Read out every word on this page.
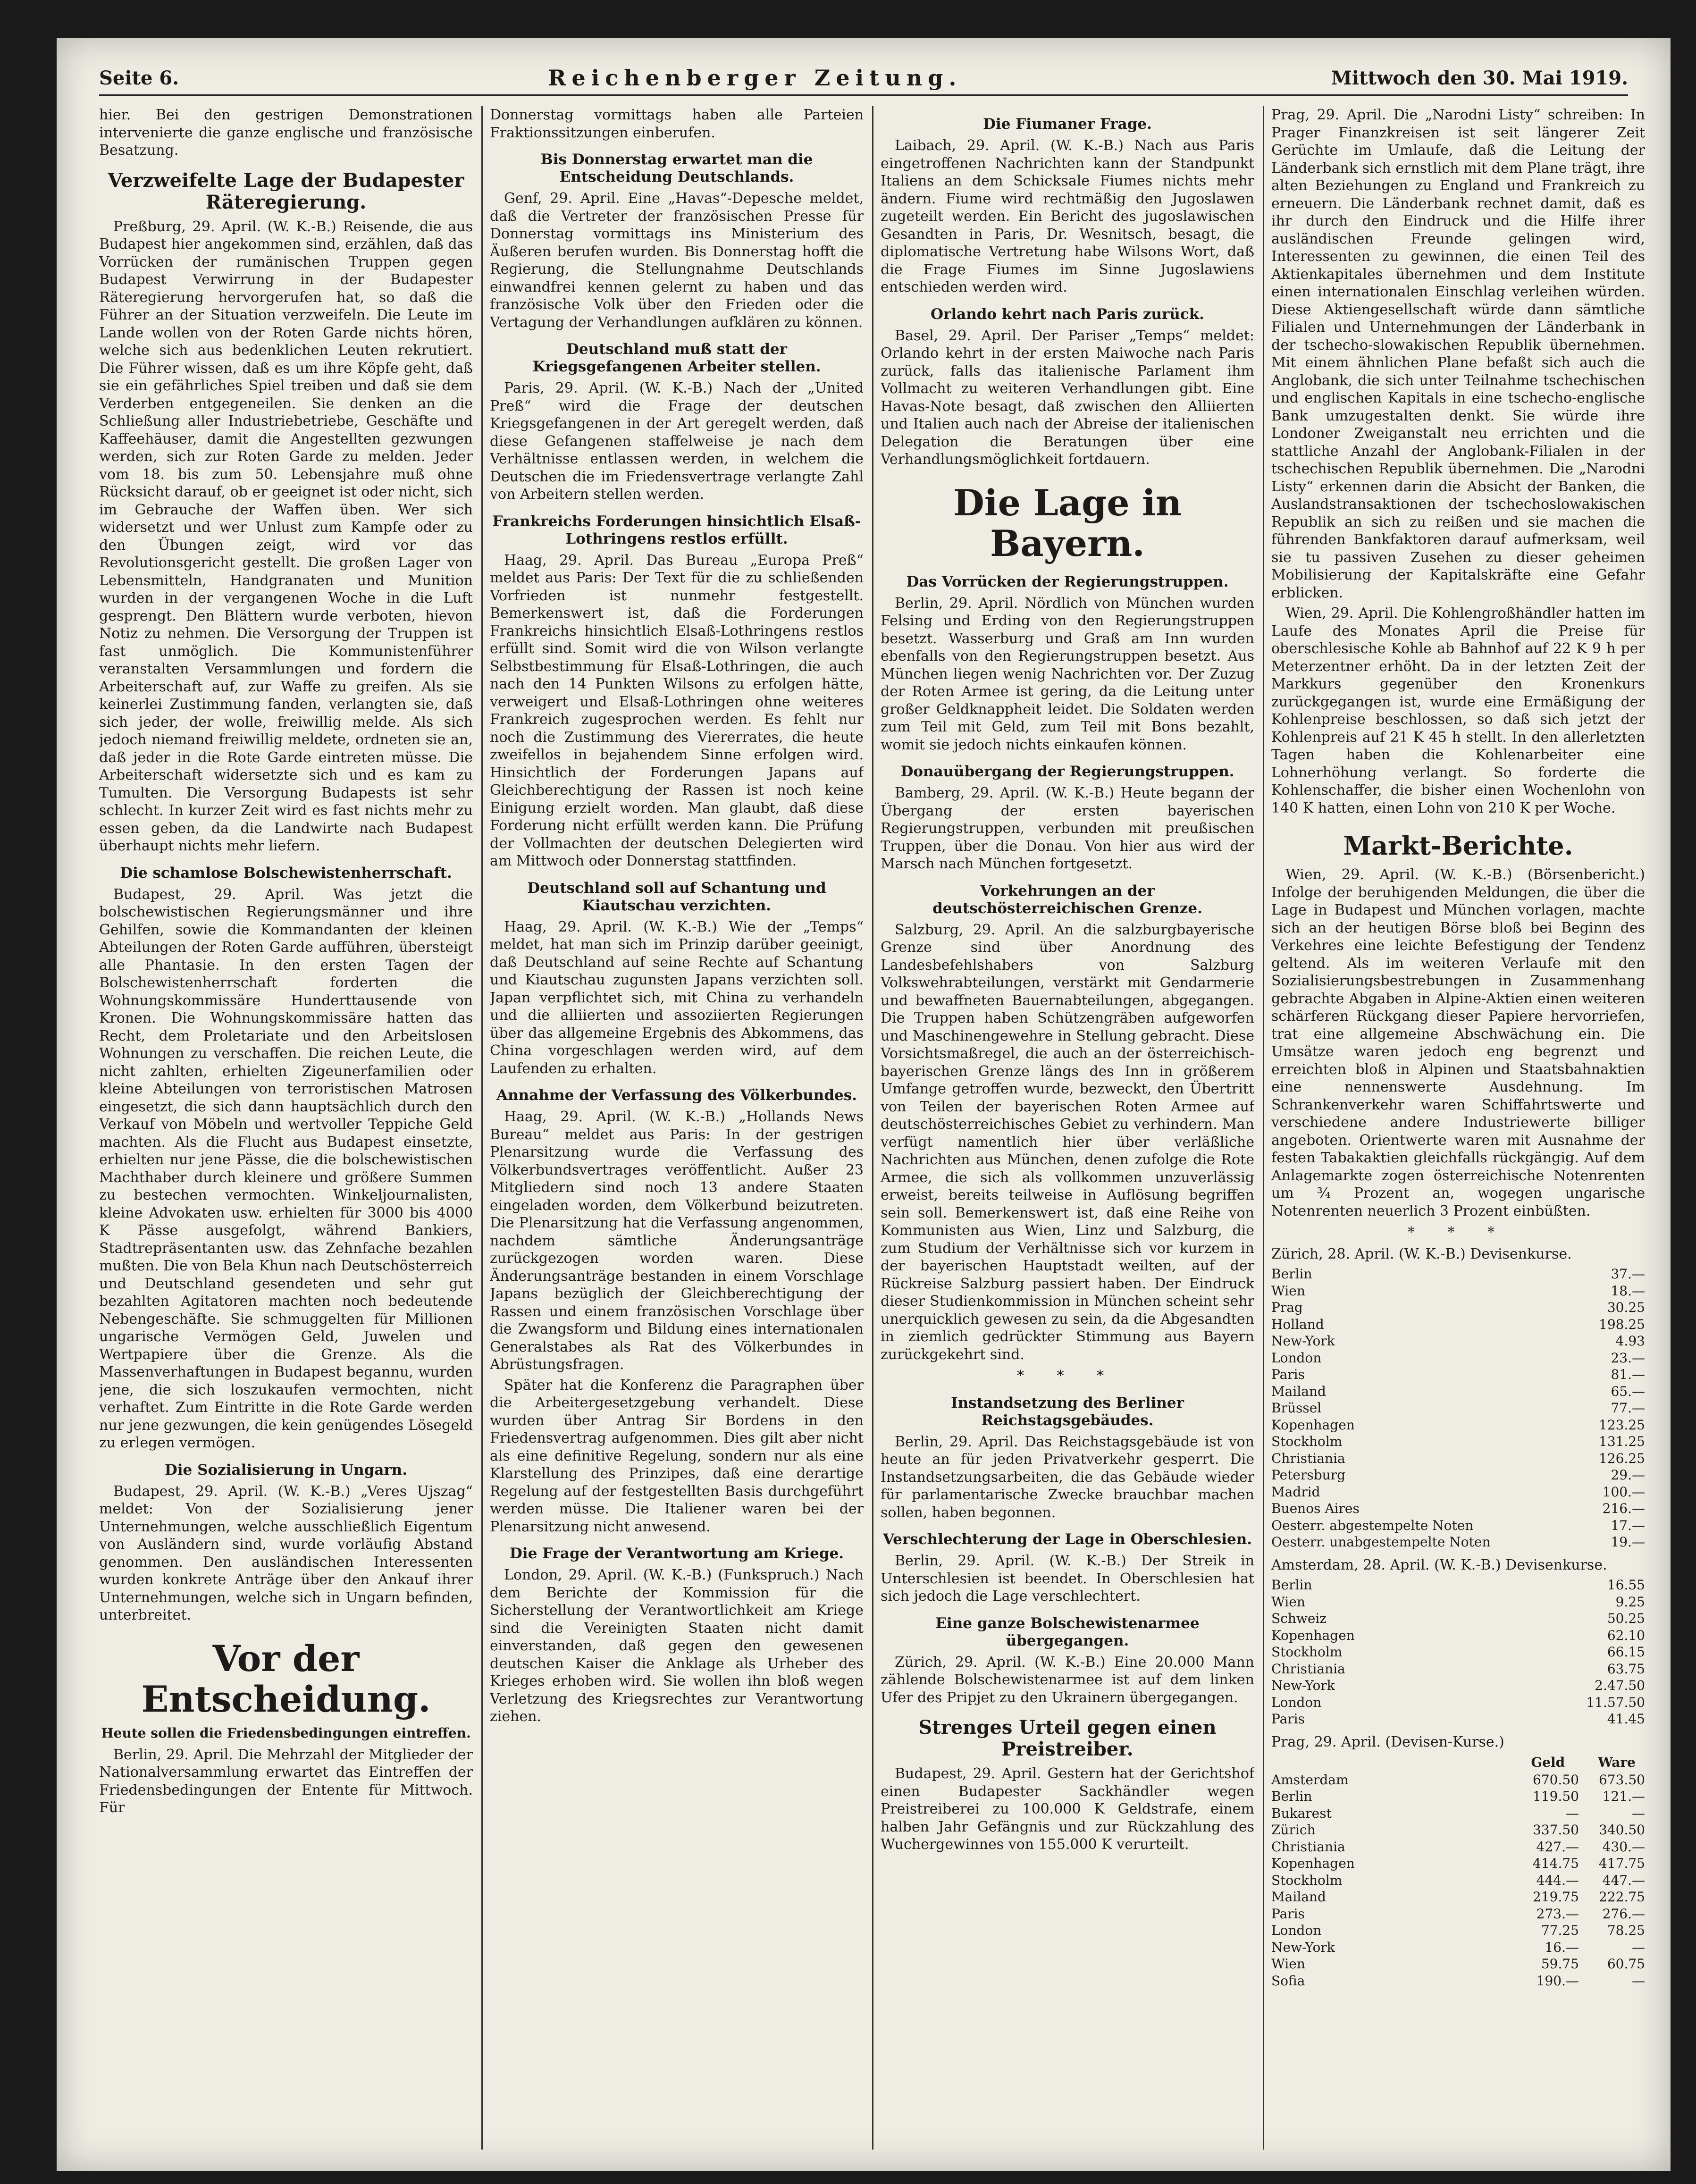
Seite 6.	Reichenberger Zeitung.	Mittwoch den 30. Mai 1919.

hier. Bei den gestrigen Demonstrationen intervenierte die ganze englische und französische Besatzung.

Verzweifelte Lage der Budapester Räteregierung.

Preßburg, 29. April. (W. K.-B.) Reisende, die aus Budapest hier angekommen sind, erzählen, daß das Vorrücken der rumänischen Truppen gegen Budapest Verwirrung in der Budapester Räteregierung hervorgerufen hat, so daß die Führer an der Situation verzweifeln. Die Leute im Lande wollen von der Roten Garde nichts hören, welche sich aus bedenklichen Leuten rekrutiert. Die Führer wissen, daß es um ihre Köpfe geht, daß sie ein gefährliches Spiel treiben und daß sie dem Verderben entgegeneilen. Sie denken an die Schließung aller Industriebetriebe, Geschäfte und Kaffeehäuser, damit die Angestellten gezwungen werden, sich zur Roten Garde zu melden. Jeder vom 18. bis zum 50. Lebensjahre muß ohne Rücksicht darauf, ob er geeignet ist oder nicht, sich im Gebrauche der Waffen üben. Wer sich widersetzt und wer Unlust zum Kampfe oder zu den Übungen zeigt, wird vor das Revolutionsgericht gestellt. Die großen Lager von Lebensmitteln, Handgranaten und Munition wurden in der vergangenen Woche in die Luft gesprengt. Den Blättern wurde verboten, hievon Notiz zu nehmen. Die Versorgung der Truppen ist fast unmöglich. Die Kommunistenführer veranstalten Versammlungen und fordern die Arbeiterschaft auf, zur Waffe zu greifen. Als sie keinerlei Zustimmung fanden, verlangten sie, daß sich jeder, der wolle, freiwillig melde. Als sich jedoch niemand freiwillig meldete, ordneten sie an, daß jeder in die Rote Garde eintreten müsse. Die Arbeiterschaft widersetzte sich und es kam zu Tumulten. Die Versorgung Budapests ist sehr schlecht. In kurzer Zeit wird es fast nichts mehr zu essen geben, da die Landwirte nach Budapest überhaupt nichts mehr liefern.

Die schamlose Bolschewistenherrschaft.

Budapest, 29. April. Was jetzt die bolschewistischen Regierungsmänner und ihre Gehilfen, sowie die Kommandanten der kleinen Abteilungen der Roten Garde aufführen, übersteigt alle Phantasie. In den ersten Tagen der Bolschewistenherrschaft forderten die Wohnungskommissäre Hunderttausende von Kronen. Die Wohnungskommissäre hatten das Recht, dem Proletariate und den Arbeitslosen Wohnungen zu verschaffen. Die reichen Leute, die nicht zahlten, erhielten Zigeunerfamilien oder kleine Abteilungen von terroristischen Matrosen eingesetzt, die sich dann hauptsächlich durch den Verkauf von Möbeln und wertvoller Teppiche Geld machten. Als die Flucht aus Budapest einsetzte, erhielten nur jene Pässe, die die bolschewistischen Machthaber durch kleinere und größere Summen zu bestechen vermochten. Winkeljournalisten, kleine Advokaten usw. erhielten für 3000 bis 4000 K Pässe ausgefolgt, während Bankiers, Stadtrepräsentanten usw. das Zehnfache bezahlen mußten. Die von Bela Khun nach Deutschösterreich und Deutschland gesendeten und sehr gut bezahlten Agitatoren machten noch bedeutende Nebengeschäfte. Sie schmuggelten für Millionen ungarische Vermögen Geld, Juwelen und Wertpapiere über die Grenze. Als die Massenverhaftungen in Budapest begannu, wurden jene, die sich loszukaufen vermochten, nicht verhaftet. Zum Eintritte in die Rote Garde werden nur jene gezwungen, die kein genügendes Lösegeld zu erlegen vermögen.

Die Sozialisierung in Ungarn.

Budapest, 29. April. (W. K.-B.) „Veres Ujszag“ meldet: Von der Sozialisierung jener Unternehmungen, welche ausschließlich Eigentum von Ausländern sind, wurde vorläufig Abstand genommen. Den ausländischen Interessenten wurden konkrete Anträge über den Ankauf ihrer Unternehmungen, welche sich in Ungarn befinden, unterbreitet.

Vor der Entscheidung.
Heute sollen die Friedensbedingungen eintreffen.

Berlin, 29. April. Die Mehrzahl der Mitglieder der Nationalversammlung erwartet das Eintreffen der Friedensbedingungen der Entente für Mittwoch. Für

Donnerstag vormittags haben alle Parteien Fraktionssitzungen einberufen.

Bis Donnerstag erwartet man die Entscheidung Deutschlands.

Genf, 29. April. Eine „Havas“-Depesche meldet, daß die Vertreter der französischen Presse für Donnerstag vormittags ins Ministerium des Äußeren berufen wurden. Bis Donnerstag hofft die Regierung, die Stellungnahme Deutschlands einwandfrei kennen gelernt zu haben und das französische Volk über den Frieden oder die Vertagung der Verhandlungen aufklären zu können.

Deutschland muß statt der Kriegsgefangenen Arbeiter stellen.

Paris, 29. April. (W. K.-B.) Nach der „United Preß“ wird die Frage der deutschen Kriegsgefangenen in der Art geregelt werden, daß diese Gefangenen staffelweise je nach dem Verhältnisse entlassen werden, in welchem die Deutschen die im Friedensvertrage verlangte Zahl von Arbeitern stellen werden.

Frankreichs Forderungen hinsichtlich Elsaß-Lothringens restlos erfüllt.

Haag, 29. April. Das Bureau „Europa Preß“ meldet aus Paris: Der Text für die zu schließenden Vorfrieden ist nunmehr festgestellt. Bemerkenswert ist, daß die Forderungen Frankreichs hinsichtlich Elsaß-Lothringens restlos erfüllt sind. Somit wird die von Wilson verlangte Selbstbestimmung für Elsaß-Lothringen, die auch nach den 14 Punkten Wilsons zu erfolgen hätte, verweigert und Elsaß-Lothringen ohne weiteres Frankreich zugesprochen werden. Es fehlt nur noch die Zustimmung des Viererrates, die heute zweifellos in bejahendem Sinne erfolgen wird. Hinsichtlich der Forderungen Japans auf Gleichberechtigung der Rassen ist noch keine Einigung erzielt worden. Man glaubt, daß diese Forderung nicht erfüllt werden kann. Die Prüfung der Vollmachten der deutschen Delegierten wird am Mittwoch oder Donnerstag stattfinden.

Deutschland soll auf Schantung und Kiautschau verzichten.

Haag, 29. April. (W. K.-B.) Wie der „Temps“ meldet, hat man sich im Prinzip darüber geeinigt, daß Deutschland auf seine Rechte auf Schantung und Kiautschau zugunsten Japans verzichten soll. Japan verpflichtet sich, mit China zu verhandeln und die alliierten und assoziierten Regierungen über das allgemeine Ergebnis des Abkommens, das China vorgeschlagen werden wird, auf dem Laufenden zu erhalten.

Annahme der Verfassung des Völkerbundes.

Haag, 29. April. (W. K.-B.) „Hollands News Bureau“ meldet aus Paris: In der gestrigen Plenarsitzung wurde die Verfassung des Völkerbundsvertrages veröffentlicht. Außer 23 Mitgliedern sind noch 13 andere Staaten eingeladen worden, dem Völkerbund beizutreten. Die Plenarsitzung hat die Verfassung angenommen, nachdem sämtliche Änderungsanträge zurückgezogen worden waren. Diese Änderungsanträge bestanden in einem Vorschlage Japans bezüglich der Gleichberechtigung der Rassen und einem französischen Vorschlage über die Zwangsform und Bildung eines internationalen Generalstabes als Rat des Völkerbundes in Abrüstungsfragen.

Später hat die Konferenz die Paragraphen über die Arbeitergesetzgebung verhandelt. Diese wurden über Antrag Sir Bordens in den Friedensvertrag aufgenommen. Dies gilt aber nicht als eine definitive Regelung, sondern nur als eine Klarstellung des Prinzipes, daß eine derartige Regelung auf der festgestellten Basis durchgeführt werden müsse. Die Italiener waren bei der Plenarsitzung nicht anwesend.

Die Frage der Verantwortung am Kriege.

London, 29. April. (W. K.-B.) (Funkspruch.) Nach dem Berichte der Kommission für die Sicherstellung der Verantwortlichkeit am Kriege sind die Vereinigten Staaten nicht damit einverstanden, daß gegen den gewesenen deutschen Kaiser die Anklage als Urheber des Krieges erhoben wird. Sie wollen ihn bloß wegen Verletzung des Kriegsrechtes zur Verantwortung ziehen.

Die Fiumaner Frage.

Laibach, 29. April. (W. K.-B.) Nach aus Paris eingetroffenen Nachrichten kann der Standpunkt Italiens an dem Schicksale Fiumes nichts mehr ändern. Fiume wird rechtmäßig den Jugoslawen zugeteilt werden. Ein Bericht des jugoslawischen Gesandten in Paris, Dr. Wesnitsch, besagt, die diplomatische Vertretung habe Wilsons Wort, daß die Frage Fiumes im Sinne Jugoslawiens entschieden werden wird.

Orlando kehrt nach Paris zurück.

Basel, 29. April. Der Pariser „Temps“ meldet: Orlando kehrt in der ersten Maiwoche nach Paris zurück, falls das italienische Parlament ihm Vollmacht zu weiteren Verhandlungen gibt. Eine Havas-Note besagt, daß zwischen den Alliierten und Italien auch nach der Abreise der italienischen Delegation die Beratungen über eine Verhandlungsmöglichkeit fortdauern.

Die Lage in Bayern.
Das Vorrücken der Regierungstruppen.

Berlin, 29. April. Nördlich von München wurden Felsing und Erding von den Regierungstruppen besetzt. Wasserburg und Graß am Inn wurden ebenfalls von den Regierungstruppen besetzt. Aus München liegen wenig Nachrichten vor. Der Zuzug der Roten Armee ist gering, da die Leitung unter großer Geldknappheit leidet. Die Soldaten werden zum Teil mit Geld, zum Teil mit Bons bezahlt, womit sie jedoch nichts einkaufen können.

Donauübergang der Regierungstruppen.

Bamberg, 29. April. (W. K.-B.) Heute begann der Übergang der ersten bayerischen Regierungstruppen, verbunden mit preußischen Truppen, über die Donau. Von hier aus wird der Marsch nach München fortgesetzt.

Vorkehrungen an der deutschösterreichischen Grenze.

Salzburg, 29. April. An die salzburgbayerische Grenze sind über Anordnung des Landesbefehlshabers von Salzburg Volkswehrabteilungen, verstärkt mit Gendarmerie und bewaffneten Bauernabteilungen, abgegangen. Die Truppen haben Schützengräben aufgeworfen und Maschinengewehre in Stellung gebracht. Diese Vorsichtsmaßregel, die auch an der österreichisch-bayerischen Grenze längs des Inn in größerem Umfange getroffen wurde, bezweckt, den Übertritt von Teilen der bayerischen Roten Armee auf deutschösterreichisches Gebiet zu verhindern. Man verfügt namentlich hier über verläßliche Nachrichten aus München, denen zufolge die Rote Armee, die sich als vollkommen unzuverlässig erweist, bereits teilweise in Auflösung begriffen sein soll. Bemerkenswert ist, daß eine Reihe von Kommunisten aus Wien, Linz und Salzburg, die zum Studium der Verhältnisse sich vor kurzem in der bayerischen Hauptstadt weilten, auf der Rückreise Salzburg passiert haben. Der Eindruck dieser Studienkommission in München scheint sehr unerquicklich gewesen zu sein, da die Abgesandten in ziemlich gedrückter Stimmung aus Bayern zurückgekehrt sind.

* * *
Instandsetzung des Berliner Reichstagsgebäudes.

Berlin, 29. April. Das Reichstagsgebäude ist von heute an für jeden Privatverkehr gesperrt. Die Instandsetzungsarbeiten, die das Gebäude wieder für parlamentarische Zwecke brauchbar machen sollen, haben begonnen.

Verschlechterung der Lage in Oberschlesien.

Berlin, 29. April. (W. K.-B.) Der Streik in Unterschlesien ist beendet. In Oberschlesien hat sich jedoch die Lage verschlechtert.

Eine ganze Bolschewistenarmee übergegangen.

Zürich, 29. April. (W. K.-B.) Eine 20.000 Mann zählende Bolschewistenarmee ist auf dem linken Ufer des Pripjet zu den Ukrainern übergegangen.

Strenges Urteil gegen einen Preistreiber.

Budapest, 29. April. Gestern hat der Gerichtshof einen Budapester Sackhändler wegen Preistreiberei zu 100.000 K Geldstrafe, einem halben Jahr Gefängnis und zur Rückzahlung des Wuchergewinnes von 155.000 K verurteilt.

Prag, 29. April. Die „Narodni Listy“ schreiben: In Prager Finanzkreisen ist seit längerer Zeit Gerüchte im Umlaufe, daß die Leitung der Länderbank sich ernstlich mit dem Plane trägt, ihre alten Beziehungen zu England und Frankreich zu erneuern. Die Länderbank rechnet damit, daß es ihr durch den Eindruck und die Hilfe ihrer ausländischen Freunde gelingen wird, Interessenten zu gewinnen, die einen Teil des Aktienkapitales übernehmen und dem Institute einen internationalen Einschlag verleihen würden. Diese Aktiengesellschaft würde dann sämtliche Filialen und Unternehmungen der Länderbank in der tschecho-slowakischen Republik übernehmen. Mit einem ähnlichen Plane befaßt sich auch die Anglobank, die sich unter Teilnahme tschechischen und englischen Kapitals in eine tschecho-englische Bank umzugestalten denkt. Sie würde ihre Londoner Zweiganstalt neu errichten und die stattliche Anzahl der Anglobank-Filialen in der tschechischen Republik übernehmen. Die „Narodni Listy“ erkennen darin die Absicht der Banken, die Auslandstransaktionen der tschechoslowakischen Republik an sich zu reißen und sie machen die führenden Bankfaktoren darauf aufmerksam, weil sie tu passiven Zusehen zu dieser geheimen Mobilisierung der Kapitalskräfte eine Gefahr erblicken.

Wien, 29. April. Die Kohlengroßhändler hatten im Laufe des Monates April die Preise für oberschlesische Kohle ab Bahnhof auf 22 K 9 h per Meterzentner erhöht. Da in der letzten Zeit der Markkurs gegenüber den Kronenkurs zurückgegangen ist, wurde eine Ermäßigung der Kohlenpreise beschlossen, so daß sich jetzt der Kohlenpreis auf 21 K 45 h stellt. In den allerletzten Tagen haben die Kohlenarbeiter eine Lohnerhöhung verlangt. So forderte die Kohlenschaffer, die bisher einen Wochenlohn von 140 K hatten, einen Lohn von 210 K per Woche.

Markt-Berichte.

Wien, 29. April. (W. K.-B.) (Börsenbericht.) Infolge der beruhigenden Meldungen, die über die Lage in Budapest und München vorlagen, machte sich an der heutigen Börse bloß bei Beginn des Verkehres eine leichte Befestigung der Tendenz geltend. Als im weiteren Verlaufe mit den Sozialisierungsbestrebungen in Zusammenhang gebrachte Abgaben in Alpine-Aktien einen weiteren schärferen Rückgang dieser Papiere hervorriefen, trat eine allgemeine Abschwächung ein. Die Umsätze waren jedoch eng begrenzt und erreichten bloß in Alpinen und Staatsbahnaktien eine nennenswerte Ausdehnung. Im Schrankenverkehr waren Schiffahrtswerte und verschiedene andere Industriewerte billiger angeboten. Orientwerte waren mit Ausnahme der festen Tabakaktien gleichfalls rückgängig. Auf dem Anlagemarkte zogen österreichische Notenrenten um ¾ Prozent an, wogegen ungarische Notenrenten neuerlich 3 Prozent einbüßten.

* * *

Zürich, 28. April. (W. K.-B.) Devisenkurse.

Berlin	37.—
Wien	18.—
Prag	30.25
Holland	198.25
New-York	4.93
London	23.—
Paris	81.—
Mailand	65.—
Brüssel	77.—
Kopenhagen	123.25
Stockholm	131.25
Christiania	126.25
Petersburg	29.—
Madrid	100.—
Buenos Aires	216.—
Oesterr. abgestempelte Noten	17.—
Oesterr. unabgestempelte Noten	19.—

Amsterdam, 28. April. (W. K.-B.) Devisenkurse.

Berlin	16.55
Wien	9.25
Schweiz	50.25
Kopenhagen	62.10
Stockholm	66.15
Christiania	63.75
New-York	2.47.50
London	11.57.50
Paris	41.45

Prag, 29. April. (Devisen-Kurse.)

Geld	Ware
Amsterdam	670.50	673.50
Berlin	119.50	121.—
Bukarest	—	—
Zürich	337.50	340.50
Christiania	427.—	430.—
Kopenhagen	414.75	417.75
Stockholm	444.—	447.—
Mailand	219.75	222.75
Paris	273.—	276.—
London	77.25	78.25
New-York	16.—	—
Wien	59.75	60.75
Sofia	190.—	—
